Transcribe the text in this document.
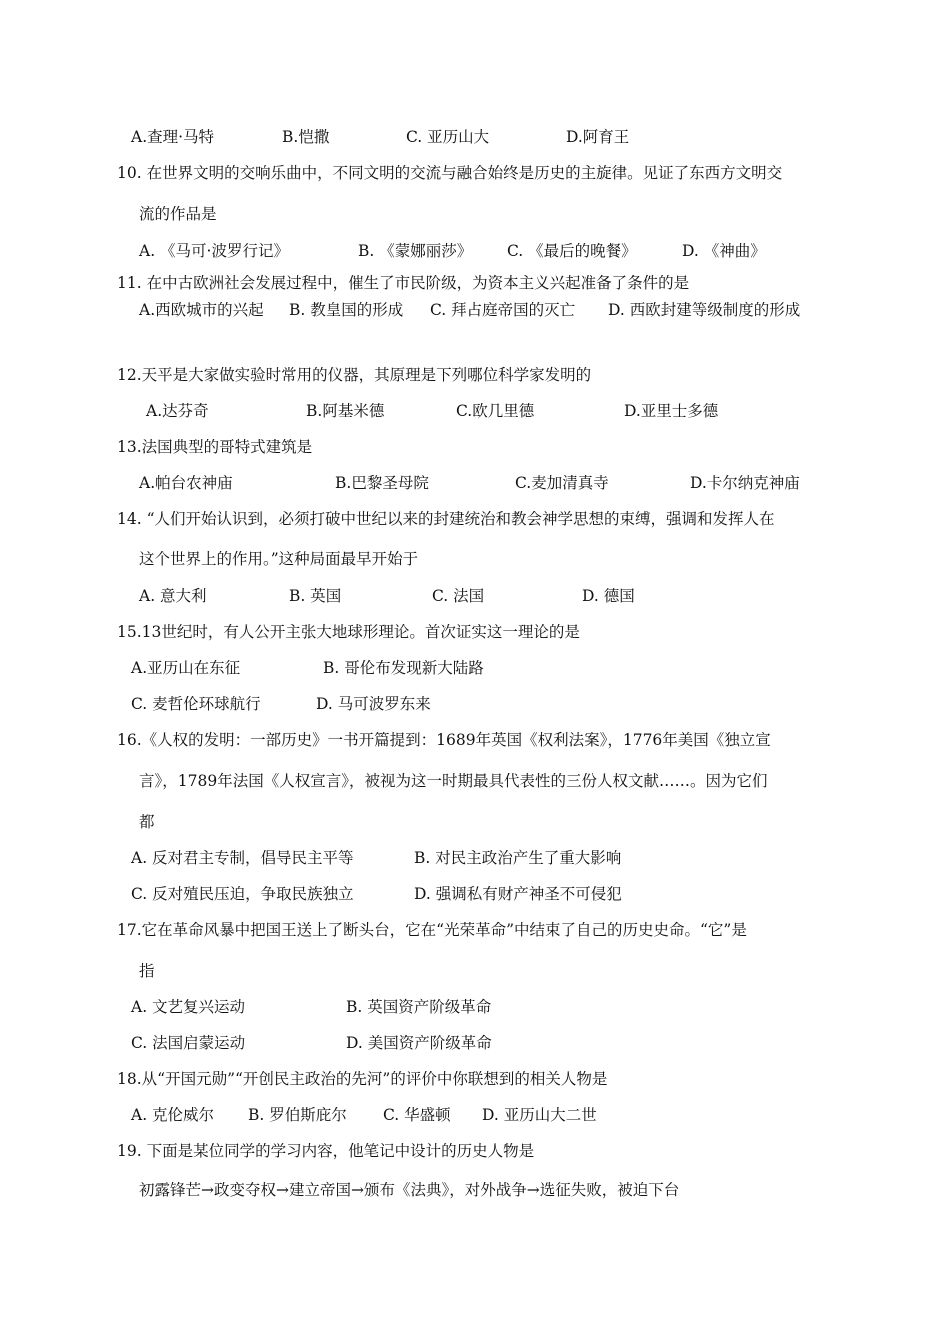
A.查理·马特	B.恺撒	C. 亚历山大	D.阿育王
10. 在世界文明的交响乐曲中，不同文明的交流与融合始终是历史的主旋律。见证了东西方文明交
流的作品是
A. 《马可·波罗行记》	B. 《蒙娜丽莎》 C. 《最后的晚餐》	D. 《神曲》
11. 在中古欧洲社会发展过程中，催生了市民阶级，为资本主义兴起准备了条件的是
A.西欧城市的兴起 B. 教皇国的形成 C. 拜占庭帝国的灭亡 D. 西欧封建等级制度的形成
12.天平是大家做实验时常用的仪器，其原理是下列哪位科学家发明的
A.达芬奇	B.阿基米德	C.欧几里德	D.亚里士多德
13.法国典型的哥特式建筑是
A.帕台农神庙	B.巴黎圣母院	C.麦加清真寺	D.卡尔纳克神庙
14. “人们开始认识到，必须打破中世纪以来的封建统治和教会神学思想的束缚，强调和发挥人在
这个世界上的作用。”这种局面最早开始于
A. 意大利	B. 英国	C. 法国	D. 德国
15.13世纪时，有人公开主张大地球形理论。首次证实这一理论的是
A.亚历山在东征	B. 哥伦布发现新大陆路
C. 麦哲伦环球航行	D. 马可波罗东来
16.《人权的发明：一部历史》一书开篇提到：1689年英国《权利法案》，1776年美国《独立宣
言》，1789年法国《人权宣言》，被视为这一时期最具代表性的三份人权文献……。因为它们
都
A. 反对君主专制，倡导民主平等	B. 对民主政治产生了重大影响
C. 反对殖民压迫，争取民族独立	D. 强调私有财产神圣不可侵犯
17.它在革命风暴中把国王送上了断头台，它在“光荣革命”中结束了自己的历史史命。“它”是
指
A. 文艺复兴运动	B. 英国资产阶级革命
C. 法国启蒙运动	D. 美国资产阶级革命
18.从“开国元勋”“开创民主政治的先河”的评价中你联想到的相关人物是
A. 克伦威尔 B. 罗伯斯庇尔 C. 华盛顿 D. 亚历山大二世
19. 下面是某位同学的学习内容，他笔记中设计的历史人物是
初露锋芒→政变夺权→建立帝国→颁布《法典》，对外战争→选征失败，被迫下台
